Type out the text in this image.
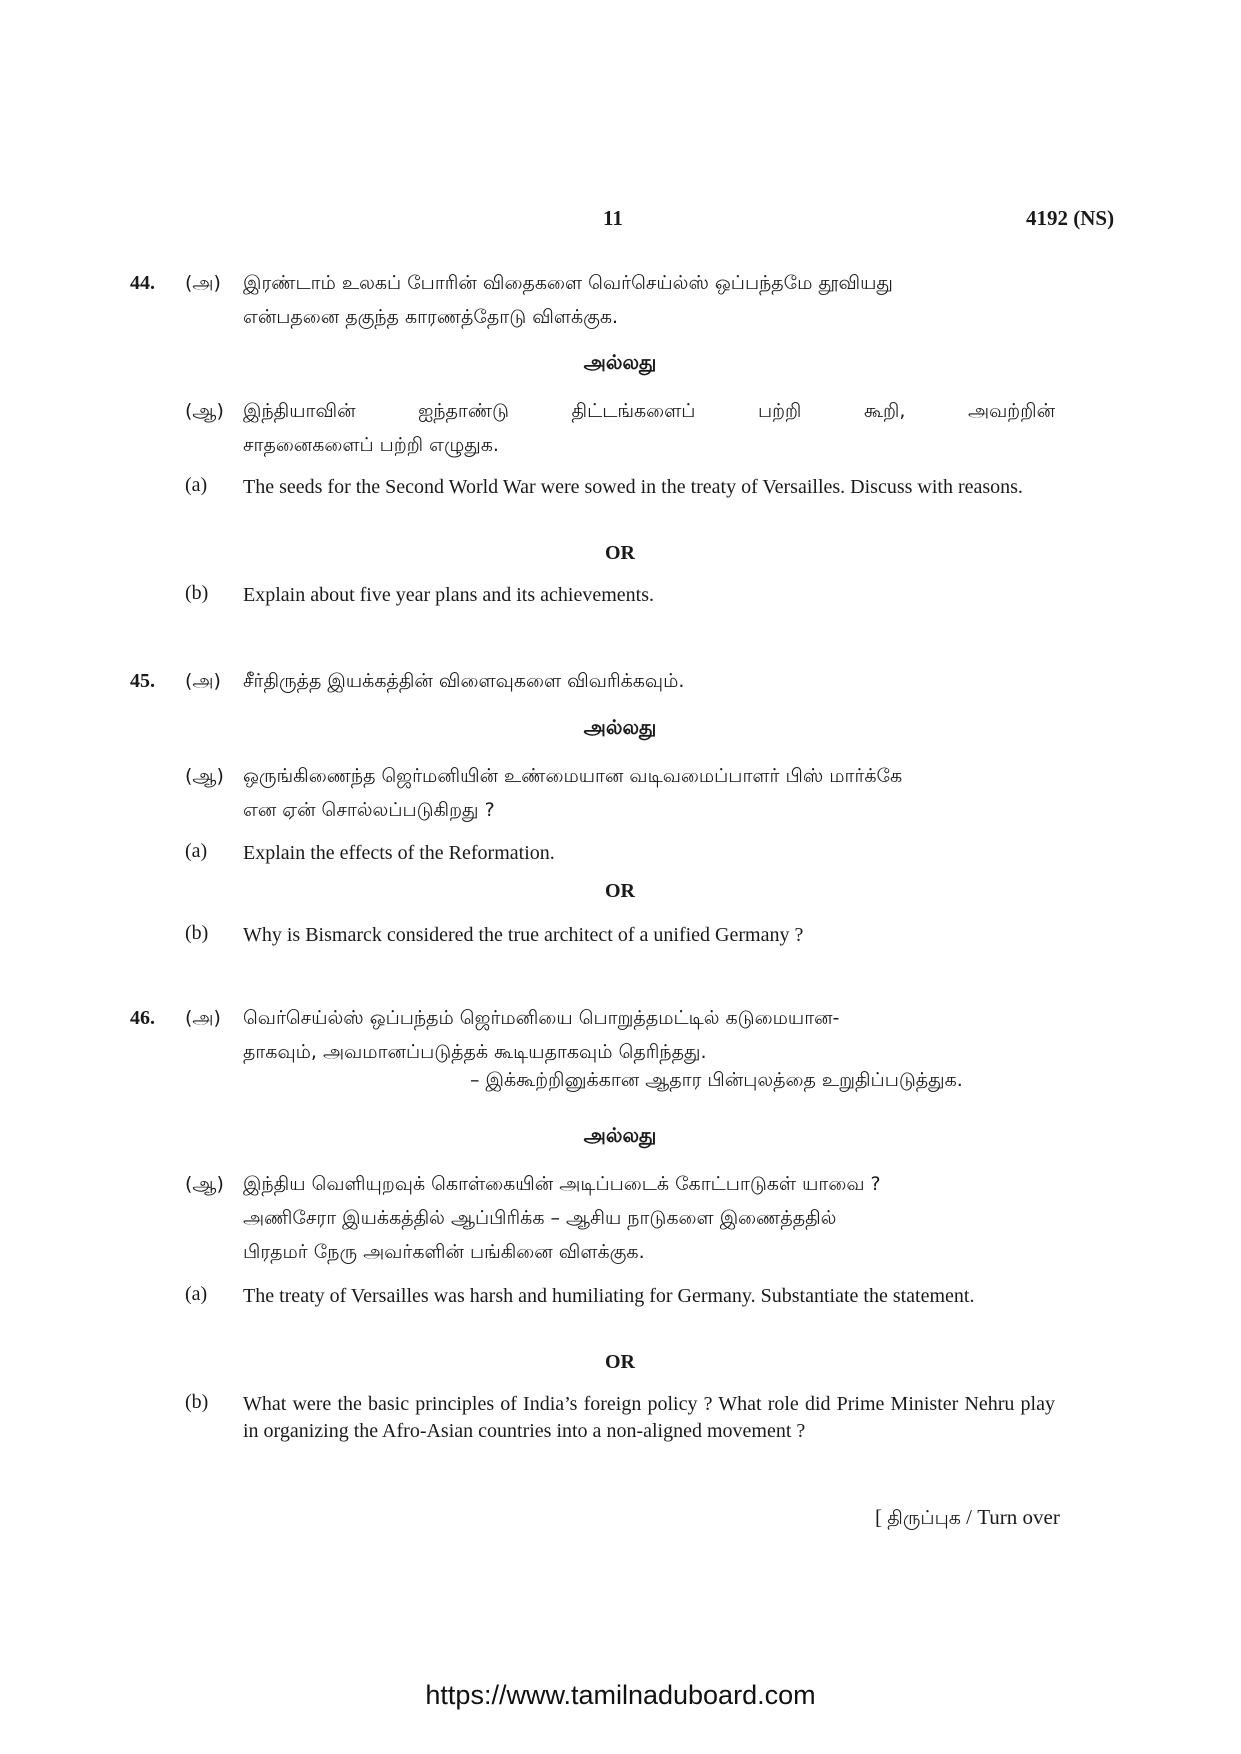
11	4192 (NS)
44. (அ) இரண்டாம் உலகப் போரின் விதைகளை வெர்செய்ல்ஸ் ஒப்பந்தமே தூவியது
என்பதனை தகுந்த காரணத்தோடு விளக்குக.
அல்லது
(ஆ) இந்தியாவின் ஐந்தாண்டு திட்டங்களைப் பற்றி கூறி, அவற்றின்
சாதனைகளைப் பற்றி எழுதுக.
(a) The seeds for the Second World War were sowed in the treaty of Versailles. Discuss with reasons.
OR
(b) Explain about five year plans and its achievements.
45. (அ) சீர்திருத்த இயக்கத்தின் விளைவுகளை விவரிக்கவும்.
அல்லது
(ஆ) ஒருங்கிணைந்த ஜெர்மனியின் உண்மையான வடிவமைப்பாளர் பிஸ் மார்க்கே
என ஏன் சொல்லப்படுகிறது ?
(a) Explain the effects of the Reformation.
OR
(b) Why is Bismarck considered the true architect of a unified Germany ?
46. (அ) வெர்செய்ல்ஸ் ஒப்பந்தம் ஜெர்மனியை பொறுத்தமட்டில் கடுமையான-
தாகவும், அவமானப்படுத்தக் கூடியதாகவும் தெரிந்தது.
– இக்கூற்றினுக்கான ஆதார பின்புலத்தை உறுதிப்படுத்துக.
அல்லது
(ஆ) இந்திய வெளியுறவுக் கொள்கையின் அடிப்படைக் கோட்பாடுகள் யாவை ?
அணிசேரா இயக்கத்தில் ஆப்பிரிக்க – ஆசிய நாடுகளை இணைத்ததில்
பிரதமர் நேரு அவர்களின் பங்கினை விளக்குக.
(a) The treaty of Versailles was harsh and humiliating for Germany. Substantiate the statement.
OR
(b) What were the basic principles of India’s foreign policy ? What role did Prime Minister Nehru play in organizing the Afro-Asian countries into a non-aligned movement ?
[ திருப்புக / Turn over
https://www.tamilnaduboard.com
